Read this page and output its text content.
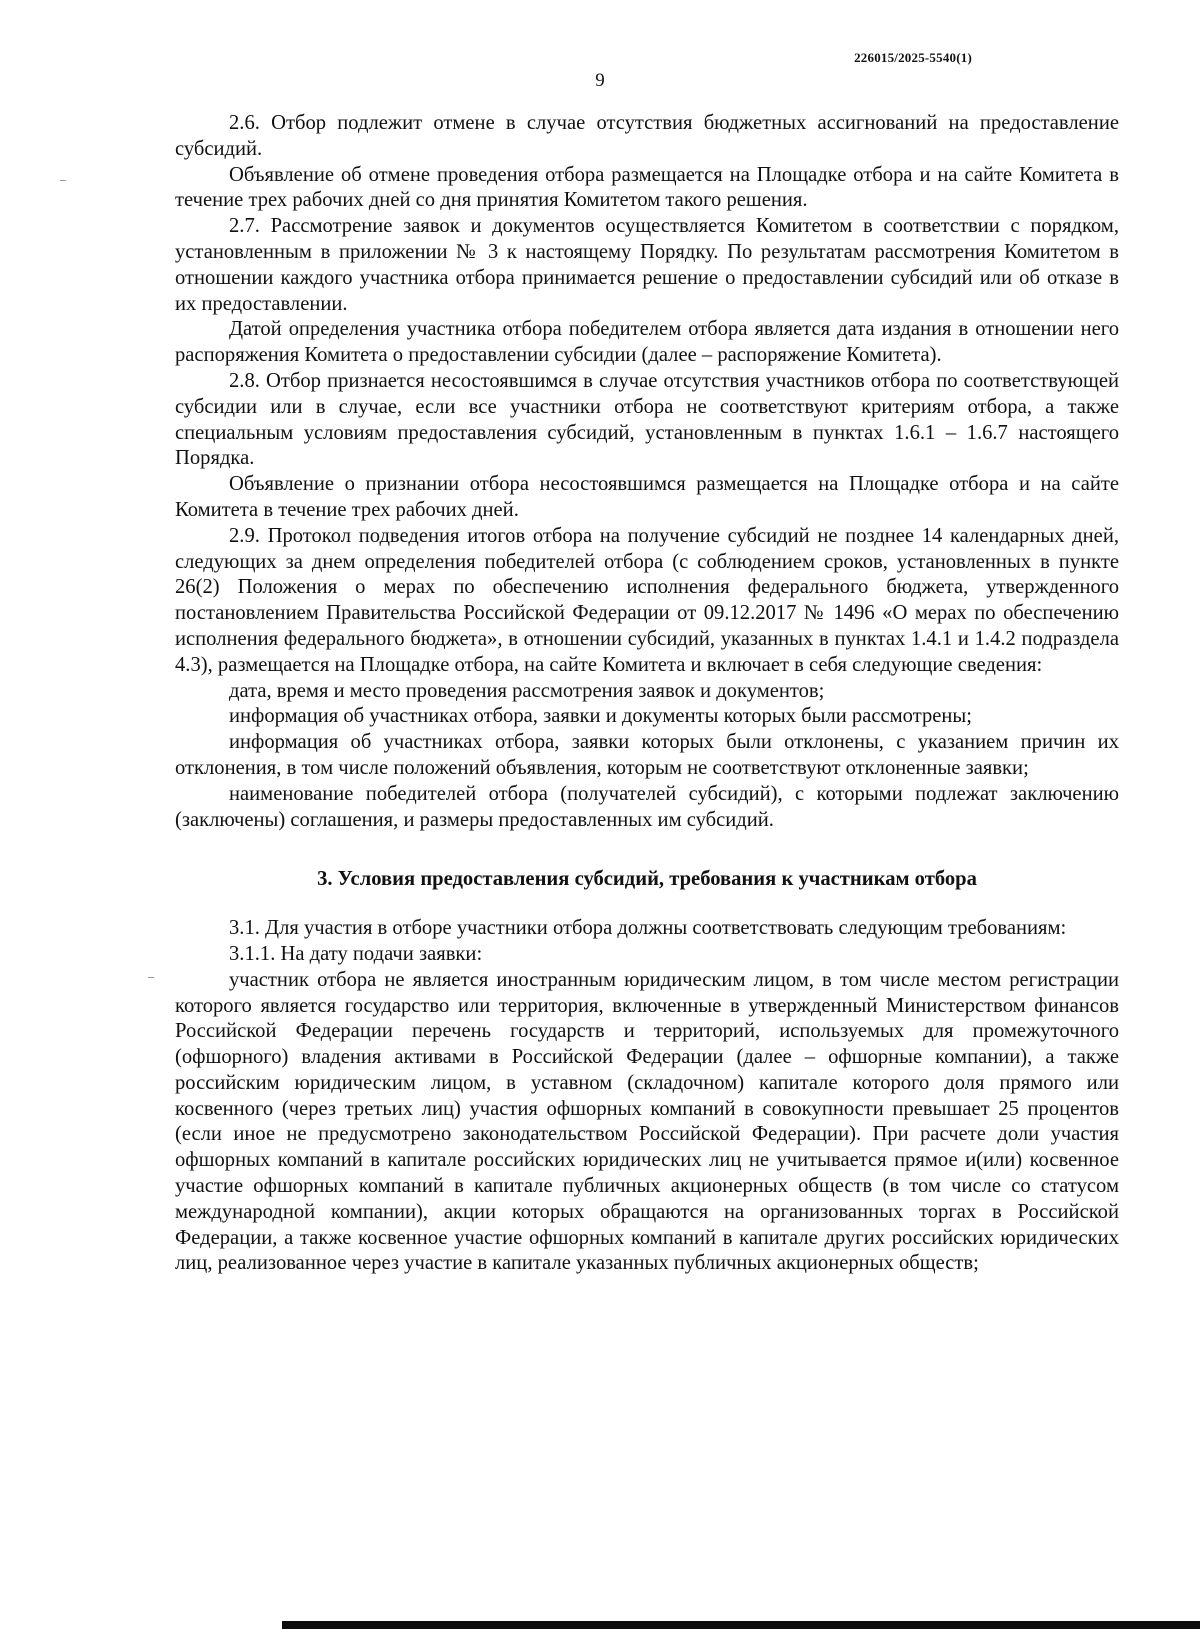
226015/2025-5540(1)
9

2.6. Отбор подлежит отмене в случае отсутствия бюджетных ассигнований на предоставление субсидий.

Объявление об отмене проведения отбора размещается на Площадке отбора и на сайте Комитета в течение трех рабочих дней со дня принятия Комитетом такого решения.

2.7. Рассмотрение заявок и документов осуществляется Комитетом в соответствии с порядком, установленным в приложении № 3 к настоящему Порядку. По результатам рассмотрения Комитетом в отношении каждого участника отбора принимается решение о предоставлении субсидий или об отказе в их предоставлении.

Датой определения участника отбора победителем отбора является дата издания в отношении него распоряжения Комитета о предоставлении субсидии (далее – распоряжение Комитета).

2.8. Отбор признается несостоявшимся в случае отсутствия участников отбора по соответствующей субсидии или в случае, если все участники отбора не соответствуют критериям отбора, а также специальным условиям предоставления субсидий, установленным в пунктах 1.6.1 – 1.6.7 настоящего Порядка.

Объявление о признании отбора несостоявшимся размещается на Площадке отбора и на сайте Комитета в течение трех рабочих дней.

2.9. Протокол подведения итогов отбора на получение субсидий не позднее 14 календарных дней, следующих за днем определения победителей отбора (с соблюдением сроков, установленных в пункте 26(2) Положения о мерах по обеспечению исполнения федерального бюджета, утвержденного постановлением Правительства Российской Федерации от 09.12.2017 № 1496 «О мерах по обеспечению исполнения федерального бюджета», в отношении субсидий, указанных в пунктах 1.4.1 и 1.4.2 подраздела 4.3), размещается на Площадке отбора, на сайте Комитета и включает в себя следующие сведения:

дата, время и место проведения рассмотрения заявок и документов;

информация об участниках отбора, заявки и документы которых были рассмотрены;

информация об участниках отбора, заявки которых были отклонены, с указанием причин их отклонения, в том числе положений объявления, которым не соответствуют отклоненные заявки;

наименование победителей отбора (получателей субсидий), с которыми подлежат заключению (заключены) соглашения, и размеры предоставленных им субсидий.

3. Условия предоставления субсидий, требования к участникам отбора

3.1. Для участия в отборе участники отбора должны соответствовать следующим требованиям:

3.1.1. На дату подачи заявки:

участник отбора не является иностранным юридическим лицом, в том числе местом регистрации которого является государство или территория, включенные в утвержденный Министерством финансов Российской Федерации перечень государств и территорий, используемых для промежуточного (офшорного) владения активами в Российской Федерации (далее – офшорные компании), а также российским юридическим лицом, в уставном (складочном) капитале которого доля прямого или косвенного (через третьих лиц) участия офшорных компаний в совокупности превышает 25 процентов (если иное не предусмотрено законодательством Российской Федерации). При расчете доли участия офшорных компаний в капитале российских юридических лиц не учитывается прямое и(или) косвенное участие офшорных компаний в капитале публичных акционерных обществ (в том числе со статусом международной компании), акции которых обращаются на организованных торгах в Российской Федерации, а также косвенное участие офшорных компаний в капитале других российских юридических лиц, реализованное через участие в капитале указанных публичных акционерных обществ;
